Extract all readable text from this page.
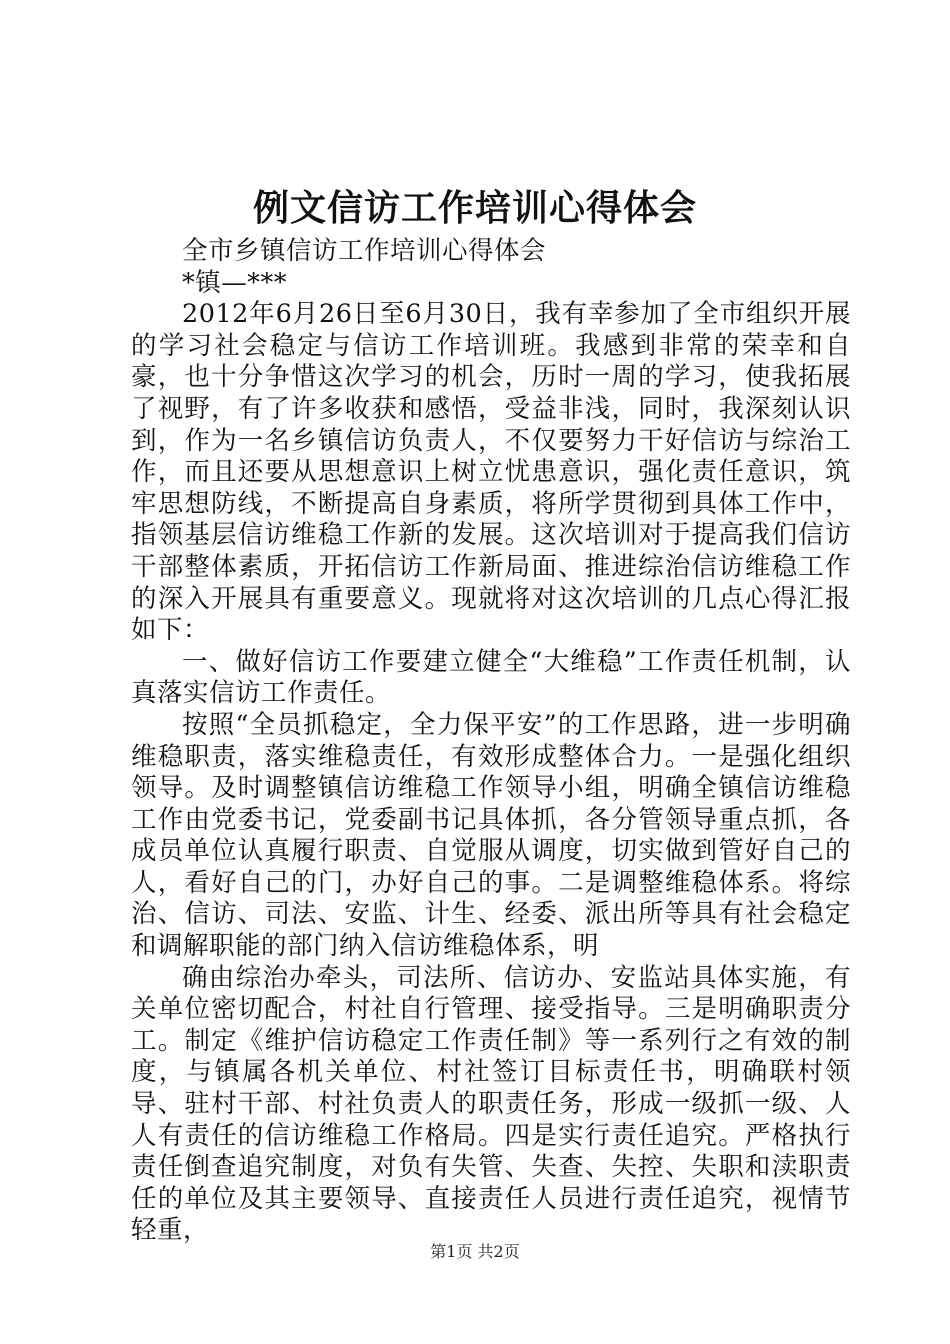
例文信访工作培训心得体会

全市乡镇信访工作培训心得体会

*镇—***

2012年6月26日至6月30日，我有幸参加了全市组织开展的学习社会稳定与信访工作培训班。我感到非常的荣幸和自豪，也十分争惜这次学习的机会，历时一周的学习，使我拓展了视野，有了许多收获和感悟，受益非浅，同时，我深刻认识到，作为一名乡镇信访负责人，不仅要努力干好信访与综治工作，而且还要从思想意识上树立忧患意识，强化责任意识，筑牢思想防线，不断提高自身素质，将所学贯彻到具体工作中，指领基层信访维稳工作新的发展。这次培训对于提高我们信访干部整体素质，开拓信访工作新局面、推进综治信访维稳工作的深入开展具有重要意义。现就将对这次培训的几点心得汇报如下：

一、做好信访工作要建立健全“大维稳”工作责任机制，认真落实信访工作责任。

按照“全员抓稳定，全力保平安”的工作思路，进一步明确维稳职责，落实维稳责任，有效形成整体合力。一是强化组织领导。及时调整镇信访维稳工作领导小组，明确全镇信访维稳工作由党委书记，党委副书记具体抓，各分管领导重点抓，各成员单位认真履行职责、自觉服从调度，切实做到管好自己的人，看好自己的门，办好自己的事。二是调整维稳体系。将综治、信访、司法、安监、计生、经委、派出所等具有社会稳定和调解职能的部门纳入信访维稳体系，明

确由综治办牵头，司法所、信访办、安监站具体实施，有关单位密切配合，村社自行管理、接受指导。三是明确职责分工。制定《维护信访稳定工作责任制》等一系列行之有效的制度，与镇属各机关单位、村社签订目标责任书，明确联村领导、驻村干部、村社负责人的职责任务，形成一级抓一级、人人有责任的信访维稳工作格局。四是实行责任追究。严格执行责任倒查追究制度，对负有失管、失查、失控、失职和渎职责任的单位及其主要领导、直接责任人员进行责任追究，视情节轻重，

第1页 共2页
